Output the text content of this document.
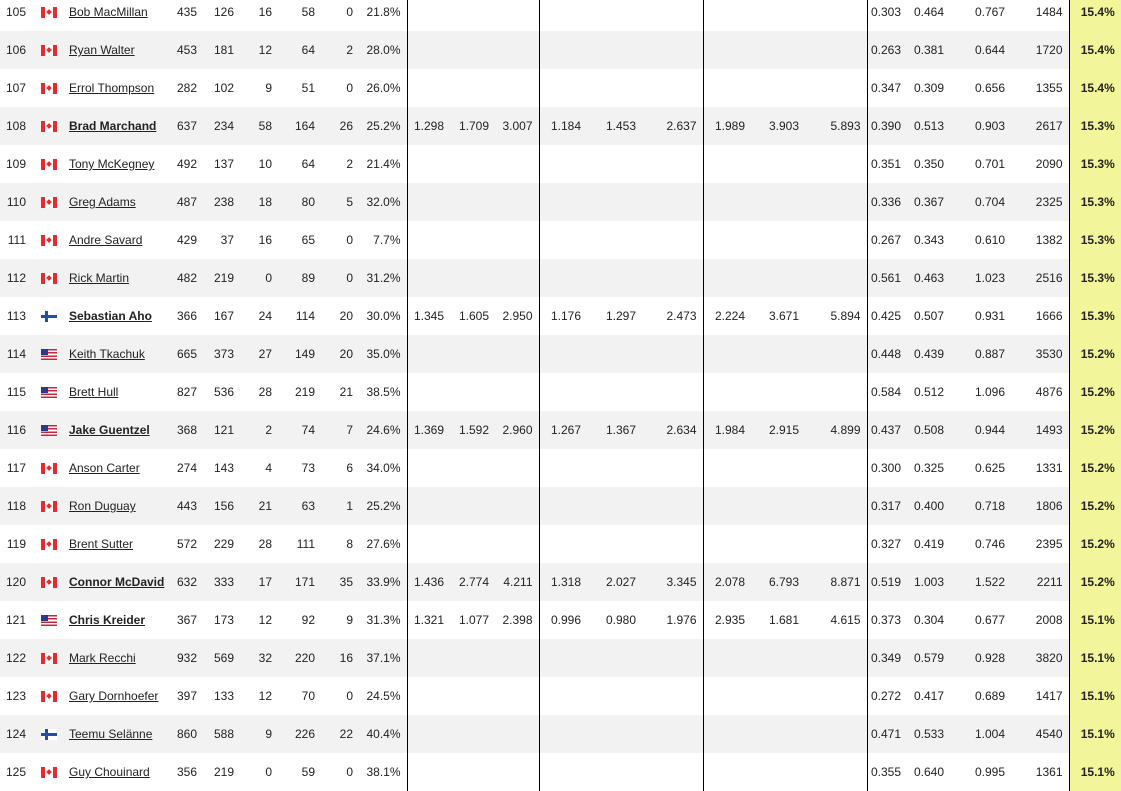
105		Bob MacMillan	435	126	16	58	0	21.8%										0.303	0.464	0.767	1484	15.4%
106		Ryan Walter	453	181	12	64	2	28.0%										0.263	0.381	0.644	1720	15.4%
107		Errol Thompson	282	102	9	51	0	26.0%										0.347	0.309	0.656	1355	15.4%
108		Brad Marchand	637	234	58	164	26	25.2%	1.298	1.709	3.007	1.184	1.453	2.637	1.989	3.903	5.893	0.390	0.513	0.903	2617	15.3%
109		Tony McKegney	492	137	10	64	2	21.4%										0.351	0.350	0.701	2090	15.3%
110		Greg Adams	487	238	18	80	5	32.0%										0.336	0.367	0.704	2325	15.3%
111		Andre Savard	429	37	16	65	0	7.7%										0.267	0.343	0.610	1382	15.3%
112		Rick Martin	482	219	0	89	0	31.2%										0.561	0.463	1.023	2516	15.3%
113		Sebastian Aho	366	167	24	114	20	30.0%	1.345	1.605	2.950	1.176	1.297	2.473	2.224	3.671	5.894	0.425	0.507	0.931	1666	15.3%
114		Keith Tkachuk	665	373	27	149	20	35.0%										0.448	0.439	0.887	3530	15.2%
115		Brett Hull	827	536	28	219	21	38.5%										0.584	0.512	1.096	4876	15.2%
116		Jake Guentzel	368	121	2	74	7	24.6%	1.369	1.592	2.960	1.267	1.367	2.634	1.984	2.915	4.899	0.437	0.508	0.944	1493	15.2%
117		Anson Carter	274	143	4	73	6	34.0%										0.300	0.325	0.625	1331	15.2%
118		Ron Duguay	443	156	21	63	1	25.2%										0.317	0.400	0.718	1806	15.2%
119		Brent Sutter	572	229	28	111	8	27.6%										0.327	0.419	0.746	2395	15.2%
120		Connor McDavid	632	333	17	171	35	33.9%	1.436	2.774	4.211	1.318	2.027	3.345	2.078	6.793	8.871	0.519	1.003	1.522	2211	15.2%
121		Chris Kreider	367	173	12	92	9	31.3%	1.321	1.077	2.398	0.996	0.980	1.976	2.935	1.681	4.615	0.373	0.304	0.677	2008	15.1%
122		Mark Recchi	932	569	32	220	16	37.1%										0.349	0.579	0.928	3820	15.1%
123		Gary Dornhoefer	397	133	12	70	0	24.5%										0.272	0.417	0.689	1417	15.1%
124		Teemu Selänne	860	588	9	226	22	40.4%										0.471	0.533	1.004	4540	15.1%
125		Guy Chouinard	356	219	0	59	0	38.1%										0.355	0.640	0.995	1361	15.1%
